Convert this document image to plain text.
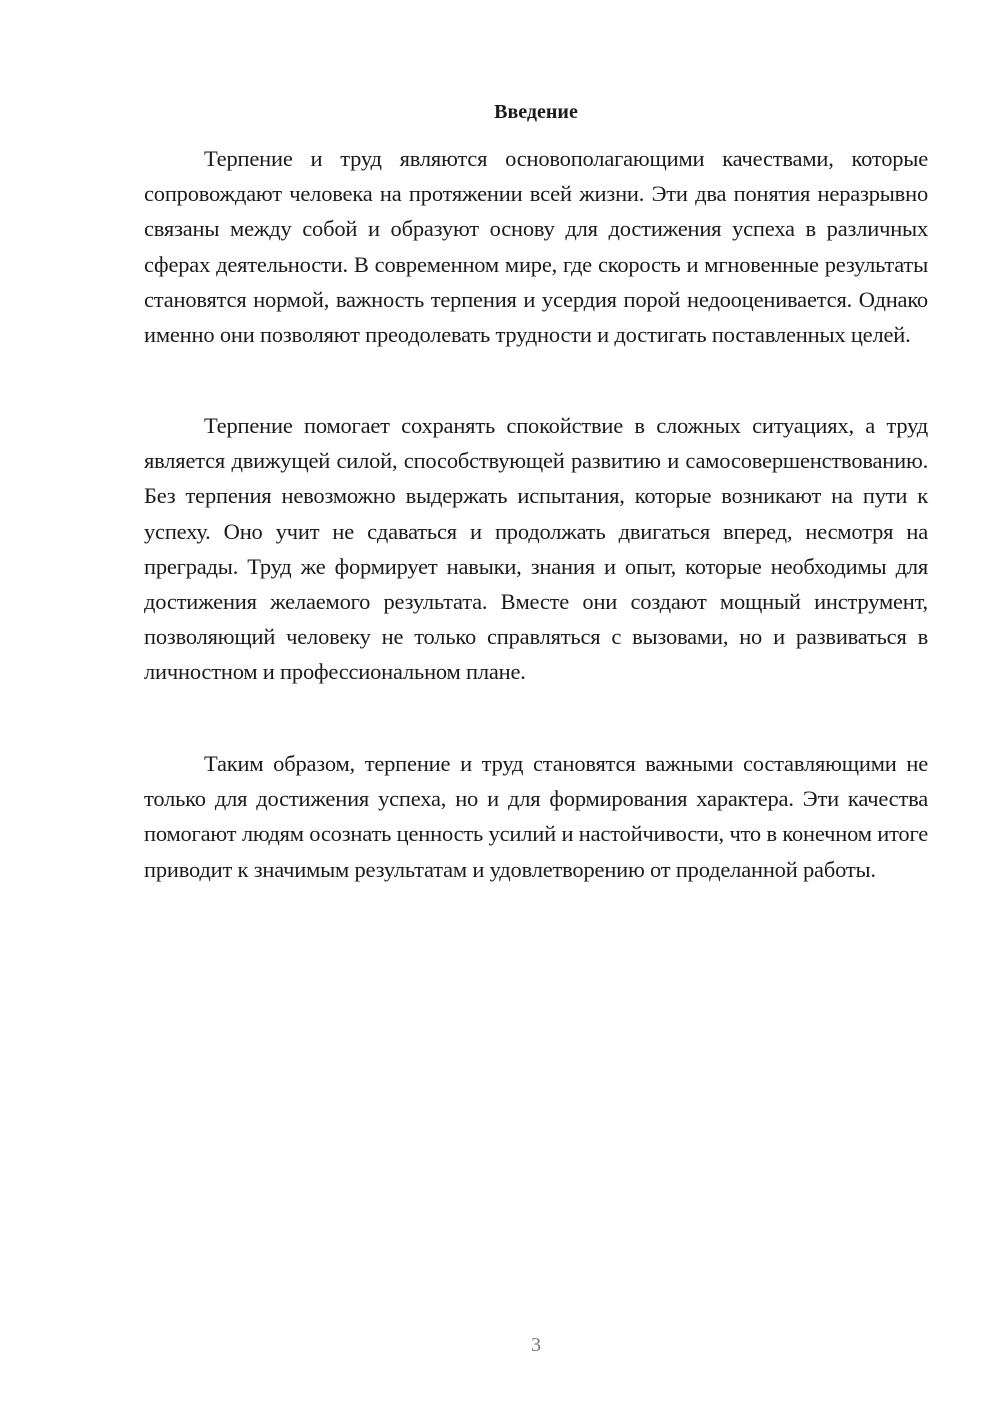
Введение

Терпение и труд являются основополагающими качествами, которые сопровождают человека на протяжении всей жизни. Эти два понятия неразрывно связаны между собой и образуют основу для достижения успеха в различных сферах деятельности. В современном мире, где скорость и мгновенные результаты становятся нормой, важность терпения и усердия порой недооценивается. Однако именно они позволяют преодолевать трудности и достигать поставленных целей.

Терпение помогает сохранять спокойствие в сложных ситуациях, а труд является движущей силой, способствующей развитию и самосовершенствованию. Без терпения невозможно выдержать испытания, которые возникают на пути к успеху. Оно учит не сдаваться и продолжать двигаться вперед, несмотря на преграды. Труд же формирует навыки, знания и опыт, которые необходимы для достижения желаемого результата. Вместе они создают мощный инструмент, позволяющий человеку не только справляться с вызовами, но и развиваться в личностном и профессиональном плане.

Таким образом, терпение и труд становятся важными составляющими не только для достижения успеха, но и для формирования характера. Эти качества помогают людям осознать ценность усилий и настойчивости, что в конечном итоге приводит к значимым результатам и удовлетворению от проделанной работы.

3
